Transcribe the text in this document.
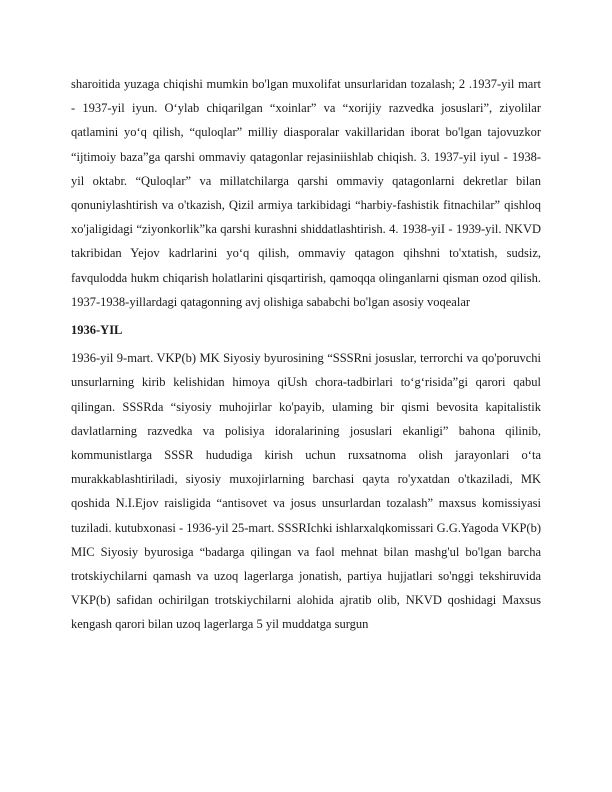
sharoitida yuzaga chiqishi mumkin bo'lgan muxolifat unsurlaridan tozalash; 2 .1937-yil mart - 1937-yil iyun. O‘ylab chiqarilgan “xoinlar” va “xorijiy razvedka josuslari”, ziyolilar qatlamini yo‘q qilish, “quloqlar” milliy diasporalar vakillaridan iborat bo'lgan tajovuzkor “ijtimoiy baza”ga qarshi ommaviy qatagonlar rejasiniishlab chiqish. 3. 1937-yil iyul - 1938-yil oktabr. “Quloqlar” va millatchilarga qarshi ommaviy qatagonlarni dekretlar bilan qonuniylashtirish va o'tkazish, Qizil armiya tarkibidagi “harbiy-fashistik fitnachilar” qishloq xo'jaligidagi “ziyonkorlik”ka qarshi kurashni shiddatlashtirish. 4. 1938-yiI - 1939-yil. NKVD takribidan Yejov kadrlarini yo‘q qilish, ommaviy qatagon qihshni to'xtatish, sudsiz, favqulodda hukm chiqarish holatlarini qisqartirish, qamoqqa olinganlarni qisman ozod qilish. 1937-1938-yillardagi qatagonning avj olishiga sababchi bo'lgan asosiy voqealar

1936-YIL

1936-yil 9-mart. VKP(b) MK Siyosiy byurosining “SSSRni josuslar, terrorchi va qo'poruvchi unsurlarning kirib kelishidan himoya qiUsh chora-tadbirlari to‘g‘risida”gi qarori qabul qilingan. SSSRda “siyosiy muhojirlar ko'payib, ulaming bir qismi bevosita kapitalistik davlatlarning razvedka va polisiya idoralarining josuslari ekanligi” bahona qilinib, kommunistlarga SSSR hududiga kirish uchun ruxsatnoma olish jarayonlari o‘ta murakkablashtiriladi, siyosiy muxojirlarning barchasi qayta ro'yxatdan o'tkaziladi, MK qoshida N.I.Ejov raisligida “antisovet va josus unsurlardan tozalash” maxsus komissiyasi tuziladi. kutubxonasi - 1936-yil 25-mart. SSSRIchki ishlarxalqkomissari G.G.Yagoda VKP(b) MIC Siyosiy byurosiga “badarga qilingan va faol mehnat bilan mashg'ul bo'lgan barcha trotskiychilarni qamash va uzoq lagerlarga jonatish, partiya hujjatlari so'nggi tekshiruvida VKP(b) safidan ochirilgan trotskiychilarni alohida ajratib olib, NKVD qoshidagi Maxsus kengash qarori bilan uzoq lagerlarga 5 yil muddatga surgun
